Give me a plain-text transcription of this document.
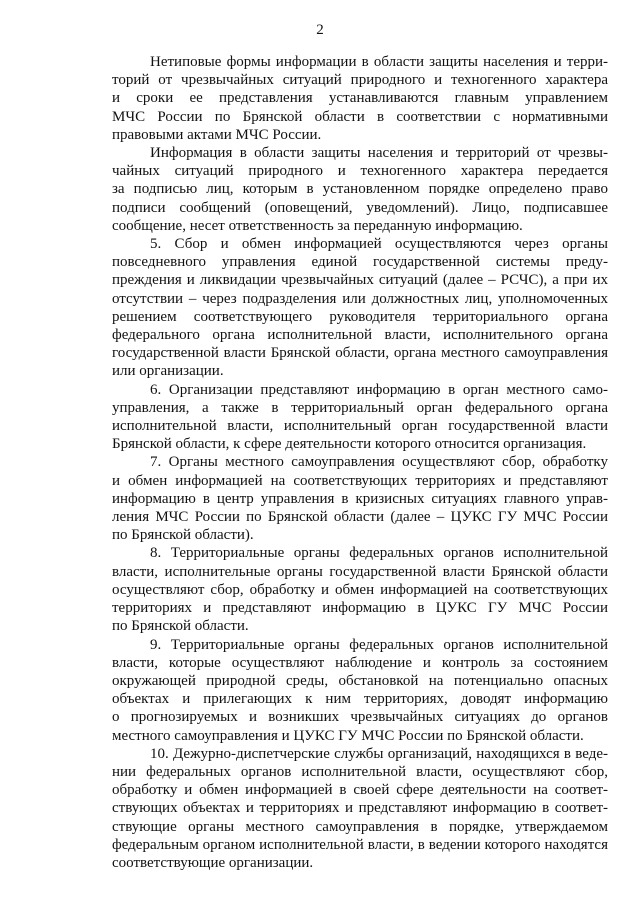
2

Нетиповые формы информации в области защиты населения и терри-
торий от чрезвычайных ситуаций природного и техногенного характера
и сроки ее представления устанавливаются главным управлением
МЧС России по Брянской области в соответствии с нормативными
правовыми актами МЧС России.

Информация в области защиты населения и территорий от чрезвы-
чайных ситуаций природного и техногенного характера передается
за подписью лиц, которым в установленном порядке определено право
подписи сообщений (оповещений, уведомлений). Лицо, подписавшее
сообщение, несет ответственность за переданную информацию.

5. Сбор и обмен информацией осуществляются через органы
повседневного управления единой государственной системы преду-
преждения и ликвидации чрезвычайных ситуаций (далее – РСЧС), а при их
отсутствии – через подразделения или должностных лиц, уполномоченных
решением соответствующего руководителя территориального органа
федерального органа исполнительной власти, исполнительного органа
государственной власти Брянской области, органа местного самоуправления
или организации.

6. Организации представляют информацию в орган местного само-
управления, а также в территориальный орган федерального органа
исполнительной власти, исполнительный орган государственной власти
Брянской области, к сфере деятельности которого относится организация.

7. Органы местного самоуправления осуществляют сбор, обработку
и обмен информацией на соответствующих территориях и представляют
информацию в центр управления в кризисных ситуациях главного управ-
ления МЧС России по Брянской области (далее – ЦУКС ГУ МЧС России
по Брянской области).

8. Территориальные органы федеральных органов исполнительной
власти, исполнительные органы государственной власти Брянской области
осуществляют сбор, обработку и обмен информацией на соответствующих
территориях и представляют информацию в ЦУКС ГУ МЧС России
по Брянской области.

9. Территориальные органы федеральных органов исполнительной
власти, которые осуществляют наблюдение и контроль за состоянием
окружающей природной среды, обстановкой на потенциально опасных
объектах и прилегающих к ним территориях, доводят информацию
о прогнозируемых и возникших чрезвычайных ситуациях до органов
местного самоуправления и ЦУКС ГУ МЧС России по Брянской области.

10. Дежурно-диспетчерские службы организаций, находящихся в веде-
нии федеральных органов исполнительной власти, осуществляют сбор,
обработку и обмен информацией в своей сфере деятельности на соответ-
ствующих объектах и территориях и представляют информацию в соответ-
ствующие органы местного самоуправления в порядке, утверждаемом
федеральным органом исполнительной власти, в ведении которого находятся
соответствующие организации.
